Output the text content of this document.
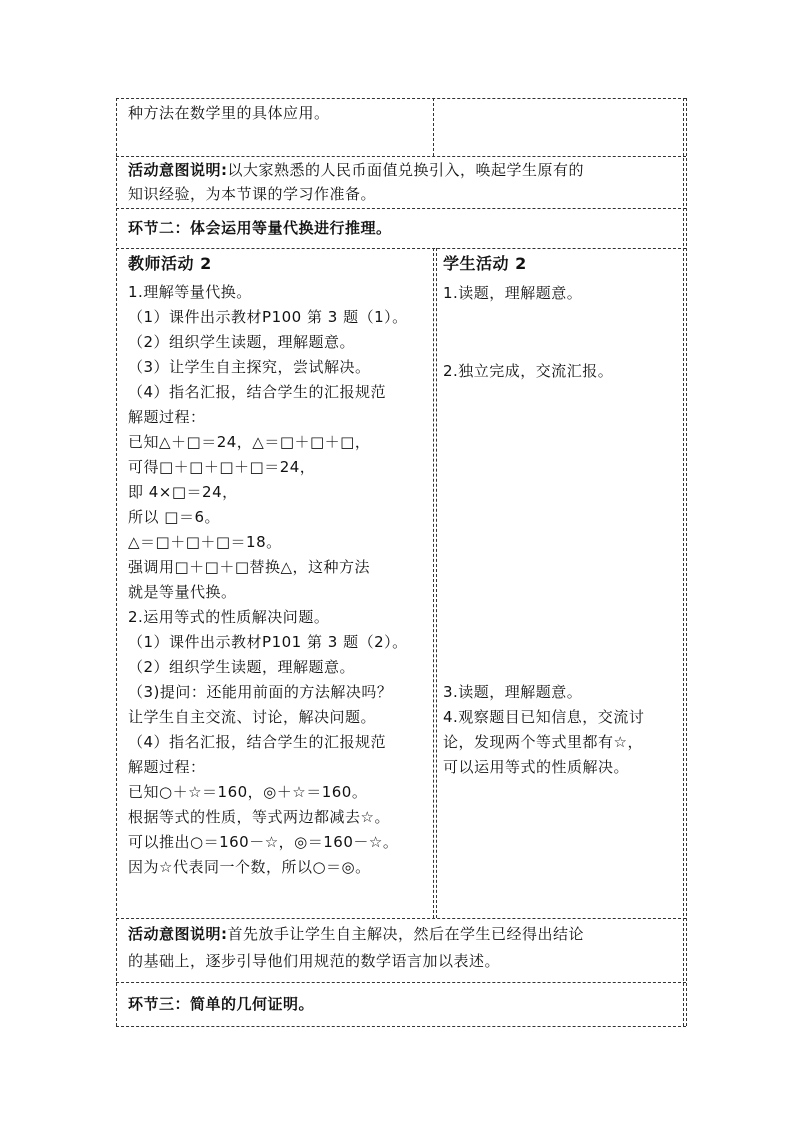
种方法在数学里的具体应用。
活动意图说明:以大家熟悉的人民币面值兑换引入，唤起学生原有的
知识经验，为本节课的学习作准备。
环节二：体会运用等量代换进行推理。
教师活动 2
1.理解等量代换。
（1）课件出示教材P100 第 3 题（1）。
（2）组织学生读题，理解题意。
（3）让学生自主探究，尝试解决。
（4）指名汇报，结合学生的汇报规范
解题过程：
已知△＋□＝24，△＝□＋□＋□，
可得□＋□＋□＋□＝24，
即 4×□＝24，
所以 □＝6。
△＝□＋□＋□＝18。
强调用□＋□＋□替换△，这种方法
就是等量代换。
2.运用等式的性质解决问题。
（1）课件出示教材P101 第 3 题（2）。
（2）组织学生读题，理解题意。
（3)提问：还能用前面的方法解决吗？
让学生自主交流、讨论，解决问题。
（4）指名汇报，结合学生的汇报规范
解题过程：
已知○＋☆＝160，◎＋☆＝160。
根据等式的性质，等式两边都减去☆。
可以推出○＝160－☆，◎＝160－☆。
因为☆代表同一个数，所以○＝◎。
学生活动 2
1.读题，理解题意。
2.独立完成，交流汇报。
3.读题，理解题意。
4.观察题目已知信息，交流讨
论，发现两个等式里都有☆，
可以运用等式的性质解决。
活动意图说明:首先放手让学生自主解决，然后在学生已经得出结论
的基础上，逐步引导他们用规范的数学语言加以表述。
环节三：简单的几何证明。
